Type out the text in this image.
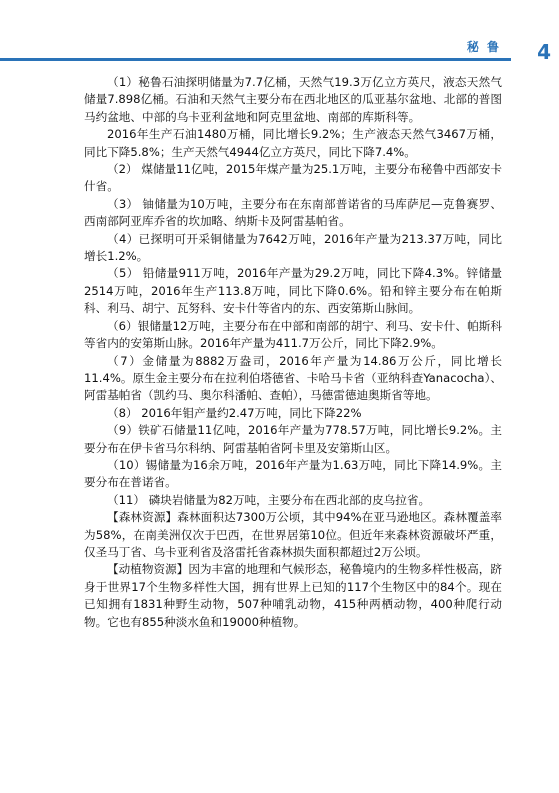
秘 鲁 4

（1）秘鲁石油探明储量为7.7亿桶，天然气19.3万亿立方英尺，液态天然气储量7.898亿桶。石油和天然气主要分布在西北地区的瓜亚基尔盆地、北部的普图马约盆地、中部的乌卡亚利盆地和阿克里盆地、南部的库斯科等。

2016年生产石油1480万桶，同比增长9.2%；生产液态天然气3467万桶，同比下降5.8%；生产天然气4944亿立方英尺，同比下降7.4%。

（2） 煤储量11亿吨，2015年煤产量为25.1万吨，主要分布秘鲁中西部安卡什省。

（3） 铀储量为10万吨，主要分布在东南部普诺省的马库萨尼—克鲁赛罗、西南部阿亚库乔省的坎加略、纳斯卡及阿雷基帕省。

（4）已探明可开采铜储量为7642万吨，2016年产量为213.37万吨，同比增长1.2%。

（5） 铅储量911万吨，2016年产量为29.2万吨，同比下降4.3%。锌储量2514万吨，2016年生产113.8万吨，同比下降0.6%。铅和锌主要分布在帕斯科、利马、胡宁、瓦努科、安卡什等省内的东、西安第斯山脉间。

（6）银储量12万吨，主要分布在中部和南部的胡宁、利马、安卡什、帕斯科等省内的安第斯山脉。2016年产量为411.7万公斤，同比下降2.9%。

（7）金储量为8882万盎司，2016年产量为14.86万公斤，同比增长11.4%。原生金主要分布在拉利伯塔德省、卡哈马卡省（亚纳科查Yanacocha）、阿雷基帕省（凯约马、奥尔科潘帕、查帕），马德雷德迪奥斯省等地。

（8） 2016年钼产量约2.47万吨，同比下降22%

（9）铁矿石储量11亿吨，2016年产量为778.57万吨，同比增长9.2%。主要分布在伊卡省马尔科纳、阿雷基帕省阿卡里及安第斯山区。

（10）锡储量为16余万吨，2016年产量为1.63万吨，同比下降14.9%。主要分布在普诺省。

（11） 磷块岩储量为82万吨，主要分布在西北部的皮乌拉省。

【森林资源】森林面积达7300万公顷，其中94%在亚马逊地区。森林覆盖率为58%，在南美洲仅次于巴西，在世界居第10位。但近年来森林资源破坏严重，仅圣马丁省、乌卡亚利省及洛雷托省森林损失面积都超过2万公顷。

【动植物资源】因为丰富的地理和气候形态，秘鲁境内的生物多样性极高，跻身于世界17个生物多样性大国，拥有世界上已知的117个生物区中的84个。现在已知拥有1831种野生动物，507种哺乳动物，415种两栖动物，400种爬行动物。它也有855种淡水鱼和19000种植物。
